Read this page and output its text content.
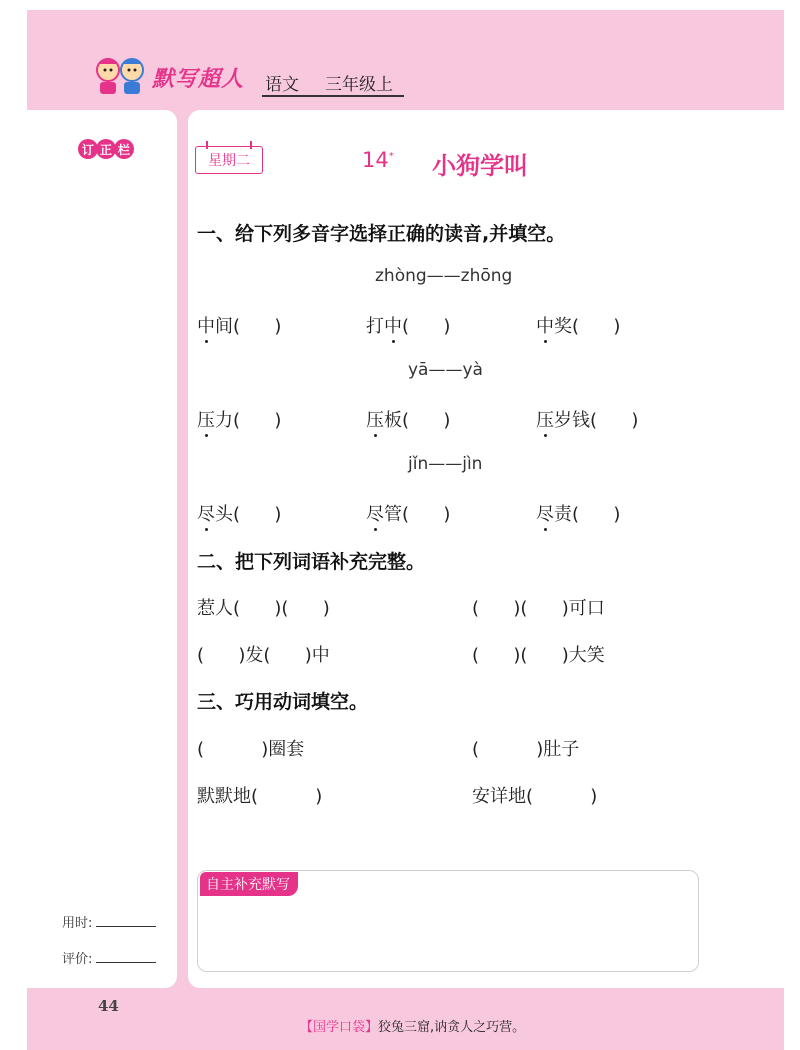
默写超人 语文 三年级上
订 正 栏
用时:
评价:
星期二	14* 小狗学叫
一、给下列多音字选择正确的读音,并填空。
zhòng——zhōng
中间(      )	打中(      )	中奖(      )
yā——yà
压力(      )	压板(      )	压岁钱(      )
jǐn——jìn
尽头(      )	尽管(      )	尽责(      )
二、把下列词语补充完整。
惹人(      )(      )	(      )(      )可口
(      )发(      )中	(      )(      )大笑
三、巧用动词填空。
(          )圈套	(          )肚子
默默地(          )	安详地(          )
自主补充默写
44
【国学口袋】狡兔三窟,讷贪人之巧营。
